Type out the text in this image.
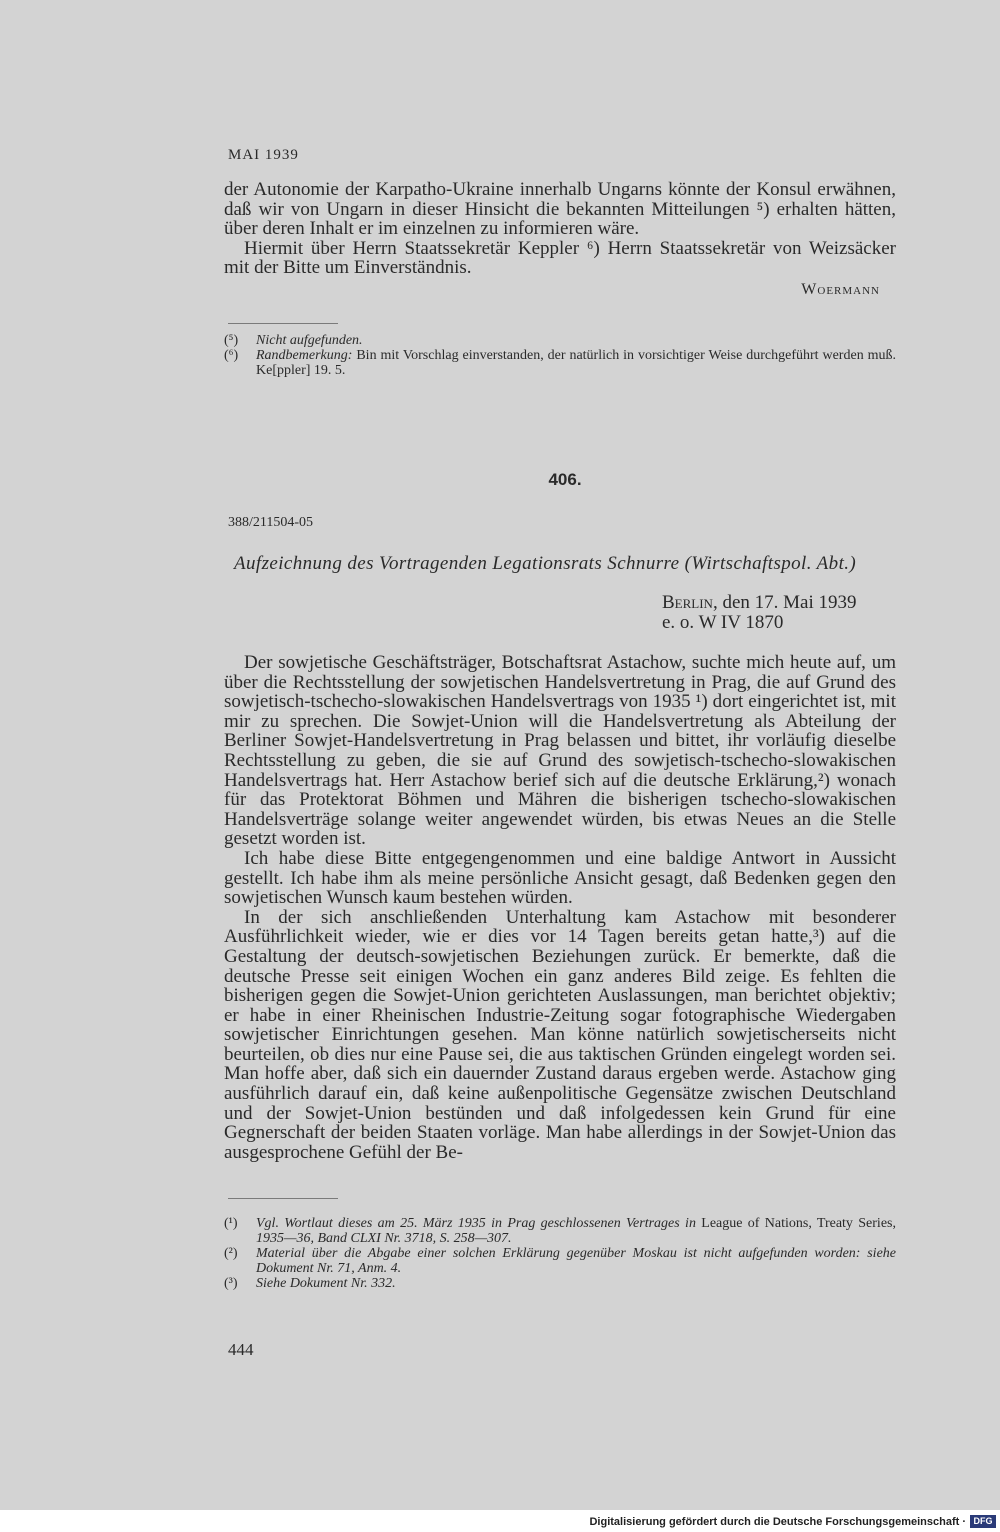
MAI 1939

der Autonomie der Karpatho-Ukraine innerhalb Ungarns könnte der Konsul erwähnen, daß wir von Ungarn in dieser Hinsicht die bekannten Mitteilungen ⁵) erhalten hätten, über deren Inhalt er im einzelnen zu informieren wäre.

Hiermit über Herrn Staatssekretär Keppler ⁶) Herrn Staatssekretär von Weizsäcker mit der Bitte um Einverständnis.

Woermann
(⁵)	Nicht aufgefunden.
(⁶)	Randbemerkung: Bin mit Vorschlag einverstanden, der natürlich in vorsichtiger Weise durchgeführt werden muß. Ke[ppler] 19. 5.
406.
388/211504-05
Aufzeichnung des Vortragenden Legationsrats Schnurre (Wirtschaftspol. Abt.)
Berlin, den 17. Mai 1939
e. o. W IV 1870

Der sowjetische Geschäftsträger, Botschaftsrat Astachow, suchte mich heute auf, um über die Rechtsstellung der sowjetischen Handelsvertretung in Prag, die auf Grund des sowjetisch-tschecho-slowakischen Handelsvertrags von 1935 ¹) dort eingerichtet ist, mit mir zu sprechen. Die Sowjet-Union will die Handelsvertretung als Abteilung der Berliner Sowjet-Handelsvertretung in Prag belassen und bittet, ihr vorläufig dieselbe Rechtsstellung zu geben, die sie auf Grund des sowjetisch-tschecho-slowakischen Handelsvertrags hat. Herr Astachow berief sich auf die deutsche Erklärung,²) wonach für das Protektorat Böhmen und Mähren die bisherigen tschecho-slowakischen Handelsverträge solange weiter angewendet würden, bis etwas Neues an die Stelle gesetzt worden ist.

Ich habe diese Bitte entgegengenommen und eine baldige Antwort in Aussicht gestellt. Ich habe ihm als meine persönliche Ansicht gesagt, daß Bedenken gegen den sowjetischen Wunsch kaum bestehen würden.

In der sich anschließenden Unterhaltung kam Astachow mit besonderer Ausführlichkeit wieder, wie er dies vor 14 Tagen bereits getan hatte,³) auf die Gestaltung der deutsch-sowjetischen Beziehungen zurück. Er bemerkte, daß die deutsche Presse seit einigen Wochen ein ganz anderes Bild zeige. Es fehlten die bisherigen gegen die Sowjet-Union gerichteten Auslassungen, man berichtet objektiv; er habe in einer Rheinischen Industrie-Zeitung sogar fotographische Wiedergaben sowjetischer Einrichtungen gesehen. Man könne natürlich sowjetischerseits nicht beurteilen, ob dies nur eine Pause sei, die aus taktischen Gründen eingelegt worden sei. Man hoffe aber, daß sich ein dauernder Zustand daraus ergeben werde. Astachow ging ausführlich darauf ein, daß keine außenpolitische Gegensätze zwischen Deutschland und der Sowjet-Union bestünden und daß infolgedessen kein Grund für eine Gegnerschaft der beiden Staaten vorläge. Man habe allerdings in der Sowjet-Union das ausgesprochene Gefühl der Be-

(¹)	Vgl. Wortlaut dieses am 25. März 1935 in Prag geschlossenen Vertrages in League of Nations, Treaty Series, 1935—36, Band CLXI Nr. 3718, S. 258—307.
(²)	Material über die Abgabe einer solchen Erklärung gegenüber Moskau ist nicht aufgefunden worden: siehe Dokument Nr. 71, Anm. 4.
(³)	Siehe Dokument Nr. 332.
444
Digitalisierung gefördert durch die Deutsche Forschungsgemeinschaft · DFG
